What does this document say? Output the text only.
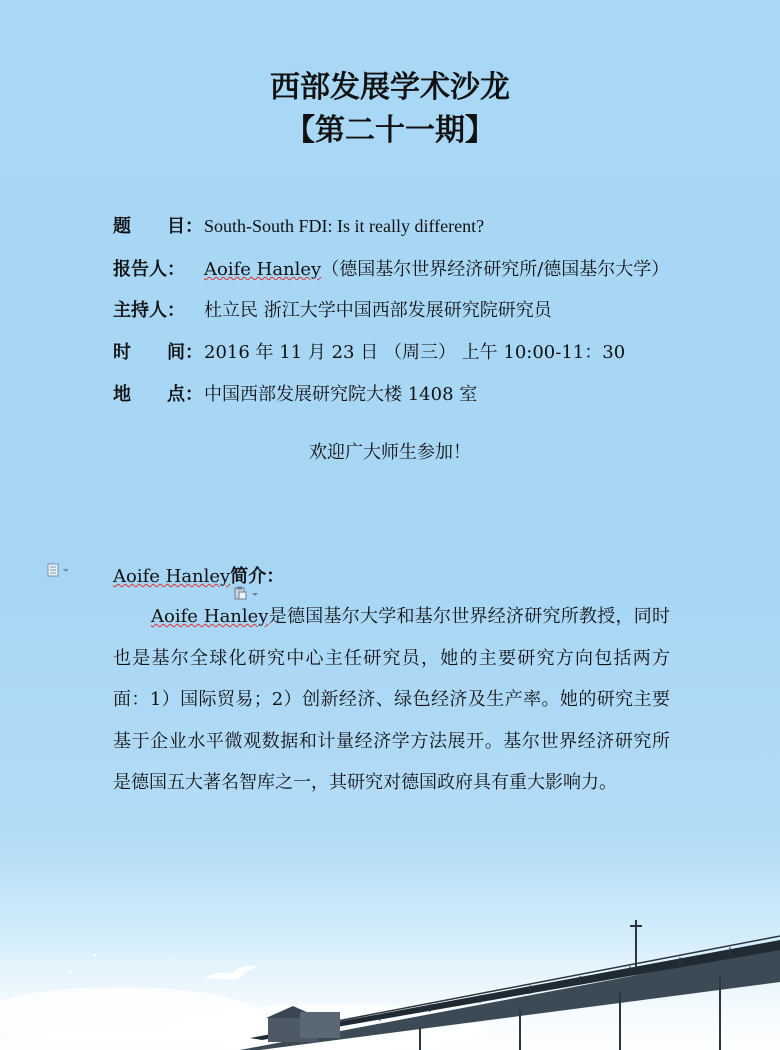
西部发展学术沙龙
【第二十一期】
题　　目：South-South FDI: Is it really different?
报告人： Aoife Hanley（德国基尔世界经济研究所/德国基尔大学）
主持人： 杜立民 浙江大学中国西部发展研究院研究员
时　　间：2016 年 11 月 23 日 （周三） 上午 10:00-11：30
地　　点：中国西部发展研究院大楼 1408 室
欢迎广大师生参加！
Aoife Hanley简介：

Aoife Hanley是德国基尔大学和基尔世界经济研究所教授，同时也是基尔全球化研究中心主任研究员，她的主要研究方向包括两方面：1）国际贸易；2）创新经济、绿色经济及生产率。她的研究主要基于企业水平微观数据和计量经济学方法展开。基尔世界经济研究所是德国五大著名智库之一，其研究对德国政府具有重大影响力。
